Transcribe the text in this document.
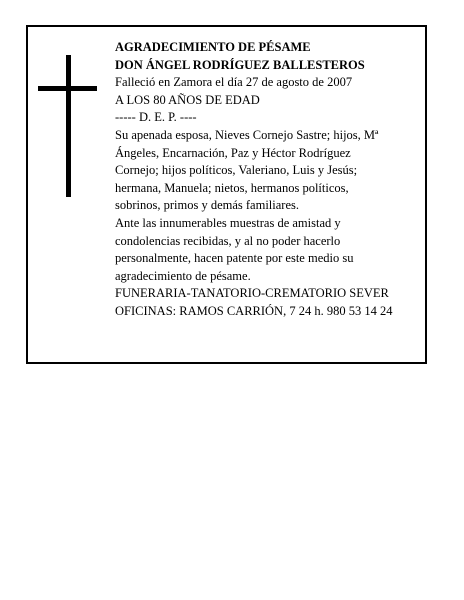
AGRADECIMIENTO DE PÉSAME
DON ÁNGEL RODRÍGUEZ BALLESTEROS
Falleció en Zamora el día 27 de agosto de 2007
A LOS 80 AÑOS DE EDAD
----- D. E. P. ----
Su apenada esposa, Nieves Cornejo Sastre; hijos, Mª
Ángeles, Encarnación, Paz y Héctor Rodríguez
Cornejo; hijos políticos, Valeriano, Luis y Jesús;
hermana, Manuela; nietos, hermanos políticos,
sobrinos, primos y demás familiares.
Ante las innumerables muestras de amistad y
condolencias recibidas, y al no poder hacerlo
personalmente, hacen patente por este medio su
agradecimiento de pésame.
FUNERARIA-TANATORIO-CREMATORIO SEVER
OFICINAS: RAMOS CARRIÓN, 7 24 h. 980 53 14 24
